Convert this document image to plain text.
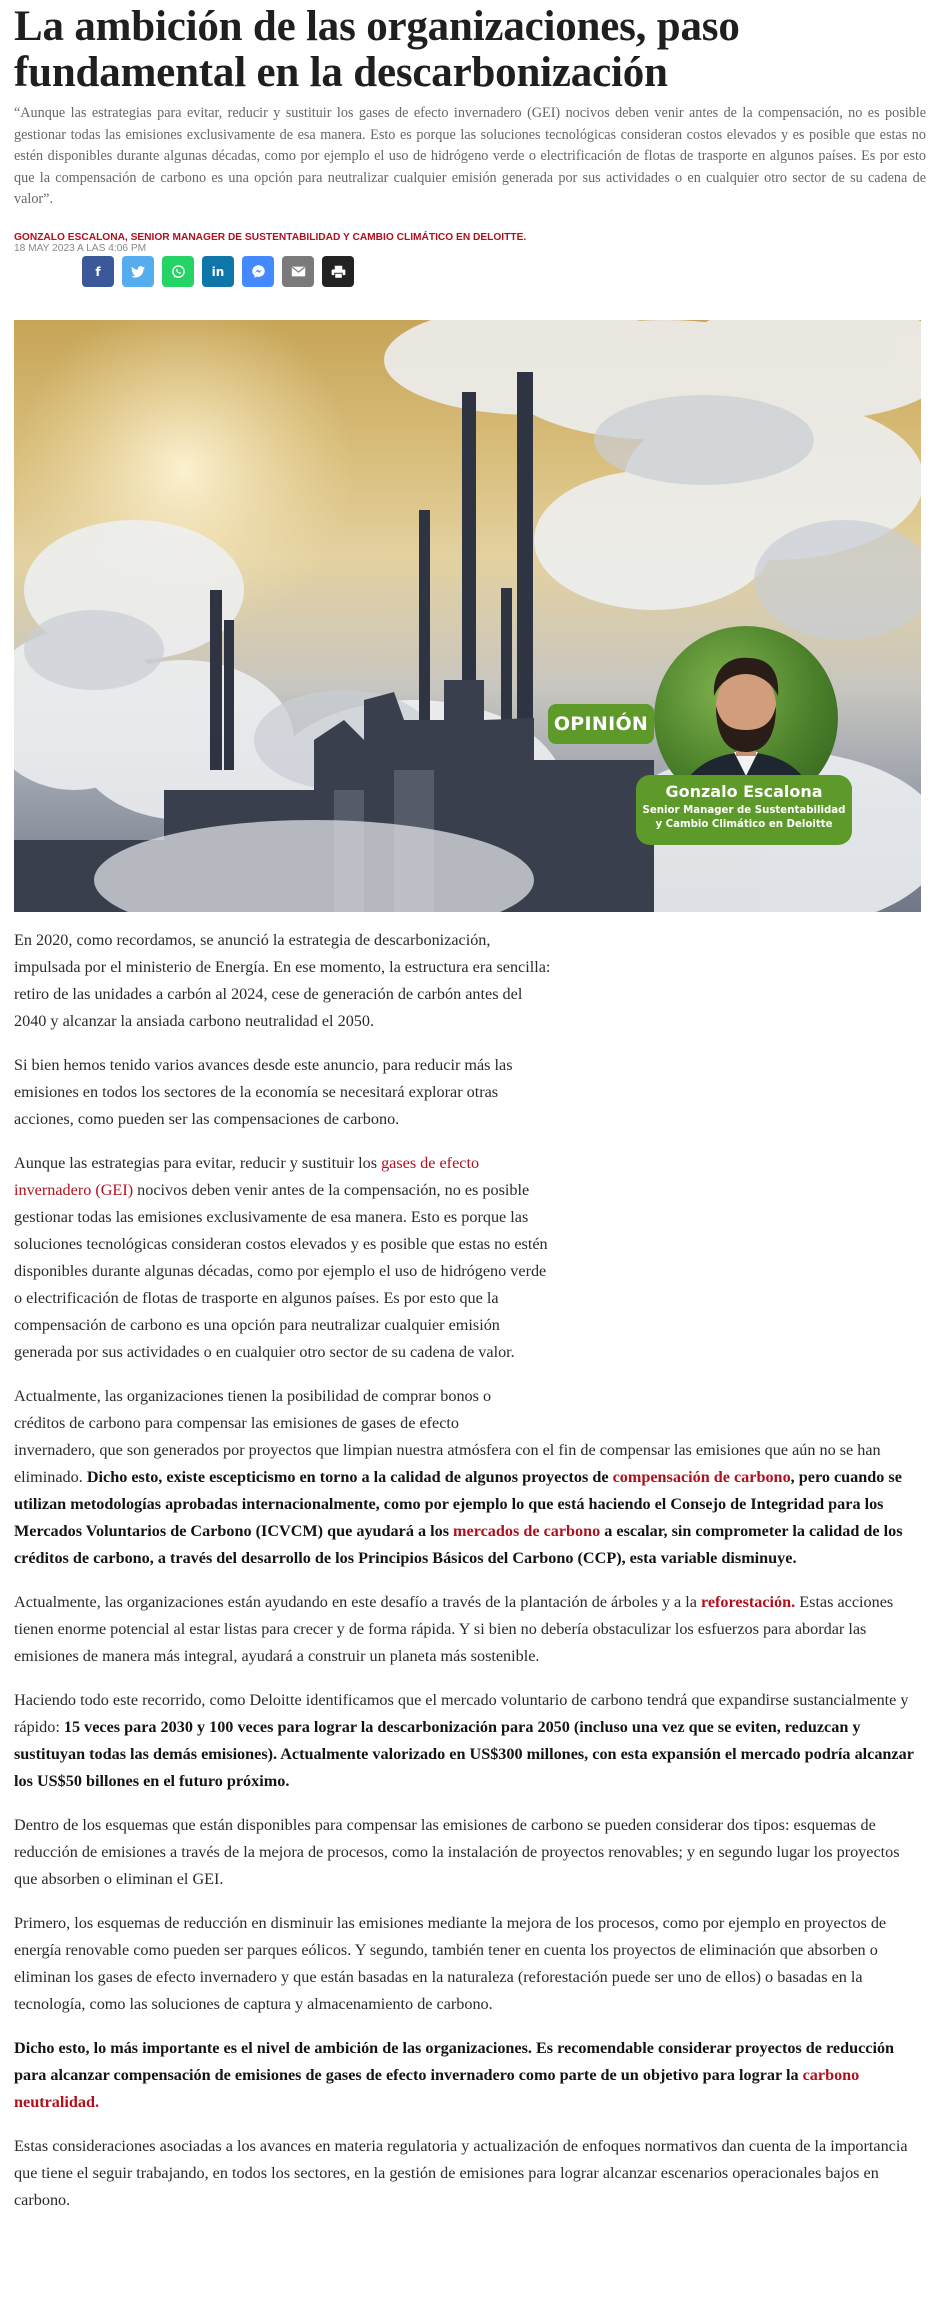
La ambición de las organizaciones, paso fundamental en la descarbonización

“Aunque las estrategias para evitar, reducir y sustituir los gases de efecto invernadero (GEI) nocivos deben venir antes de la compensación, no es posible gestionar todas las emisiones exclusivamente de esa manera. Esto es porque las soluciones tecnológicas consideran costos elevados y es posible que estas no estén disponibles durante algunas décadas, como por ejemplo el uso de hidrógeno verde o electrificación de flotas de trasporte en algunos países. Es por esto que la compensación de carbono es una opción para neutralizar cualquier emisión generada por sus actividades o en cualquier otro sector de su cadena de valor”.

GONZALO ESCALONA, SENIOR MANAGER DE SUSTENTABILIDAD Y CAMBIO CLIMÁTICO EN DELOITTE. 18 MAY 2023 A LAS 4:06 PM
f	in
OPINIÓN
Gonzalo Escalona
Senior Manager de Sustentabilidad
y Cambio Climático en Deloitte

En 2020, como recordamos, se anunció la estrategia de descarbonización, impulsada por el ministerio de Energía. En ese momento, la estructura era sencilla: retiro de las unidades a carbón al 2024, cese de generación de carbón antes del 2040 y alcanzar la ansiada carbono neutralidad el 2050.

Si bien hemos tenido varios avances desde este anuncio, para reducir más las emisiones en todos los sectores de la economía se necesitará explorar otras acciones, como pueden ser las compensaciones de carbono.

Aunque las estrategias para evitar, reducir y sustituir los gases de efecto invernadero (GEI) nocivos deben venir antes de la compensación, no es posible gestionar todas las emisiones exclusivamente de esa manera. Esto es porque las soluciones tecnológicas consideran costos elevados y es posible que estas no estén disponibles durante algunas décadas, como por ejemplo el uso de hidrógeno verde o electrificación de flotas de trasporte en algunos países. Es por esto que la compensación de carbono es una opción para neutralizar cualquier emisión generada por sus actividades o en cualquier otro sector de su cadena de valor.

Actualmente, las organizaciones tienen la posibilidad de comprar bonos o
créditos de carbono para compensar las emisiones de gases de efecto
invernadero, que son generados por proyectos que limpian nuestra atmósfera con el fin de compensar las emisiones que aún no se han eliminado. Dicho esto, existe escepticismo en torno a la calidad de algunos proyectos de compensación de carbono, pero cuando se utilizan metodologías aprobadas internacionalmente, como por ejemplo lo que está haciendo el Consejo de Integridad para los Mercados Voluntarios de Carbono (ICVCM) que ayudará a los mercados de carbono a escalar, sin comprometer la calidad de los créditos de carbono, a través del desarrollo de los Principios Básicos del Carbono (CCP), esta variable disminuye.

Actualmente, las organizaciones están ayudando en este desafío a través de la plantación de árboles y a la reforestación. Estas acciones tienen enorme potencial al estar listas para crecer y de forma rápida. Y si bien no debería obstaculizar los esfuerzos para abordar las emisiones de manera más integral, ayudará a construir un planeta más sostenible.

Haciendo todo este recorrido, como Deloitte identificamos que el mercado voluntario de carbono tendrá que expandirse sustancialmente y rápido: 15 veces para 2030 y 100 veces para lograr la descarbonización para 2050 (incluso una vez que se eviten, reduzcan y sustituyan todas las demás emisiones). Actualmente valorizado en US$300 millones, con esta expansión el mercado podría alcanzar los US$50 billones en el futuro próximo.

Dentro de los esquemas que están disponibles para compensar las emisiones de carbono se pueden considerar dos tipos: esquemas de reducción de emisiones a través de la mejora de procesos, como la instalación de proyectos renovables; y en segundo lugar los proyectos que absorben o eliminan el GEI.

Primero, los esquemas de reducción en disminuir las emisiones mediante la mejora de los procesos, como por ejemplo en proyectos de energía renovable como pueden ser parques eólicos. Y segundo, también tener en cuenta los proyectos de eliminación que absorben o eliminan los gases de efecto invernadero y que están basadas en la naturaleza (reforestación puede ser uno de ellos) o basadas en la tecnología, como las soluciones de captura y almacenamiento de carbono.

Dicho esto, lo más importante es el nivel de ambición de las organizaciones. Es recomendable considerar proyectos de reducción para alcanzar compensación de emisiones de gases de efecto invernadero como parte de un objetivo para lograr la carbono neutralidad.

Estas consideraciones asociadas a los avances en materia regulatoria y actualización de enfoques normativos dan cuenta de la importancia que tiene el seguir trabajando, en todos los sectores, en la gestión de emisiones para lograr alcanzar escenarios operacionales bajos en carbono.
